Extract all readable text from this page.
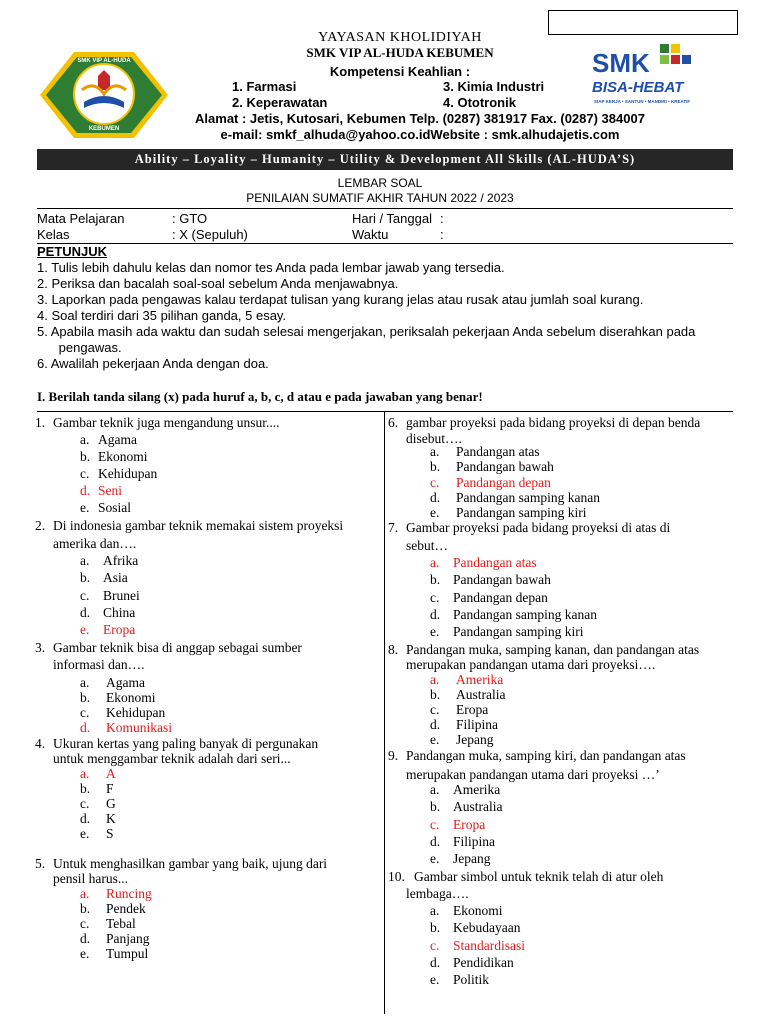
SMK VIP AL-HUDA
KEBUMEN
SMK
BISA-HEBAT
SIAP KERJA • SANTUN • MANDIRI • KREATIF
YAYASAN KHOLIDIYAH
SMK VIP AL-HUDA KEBUMEN
Kompetensi Keahlian :
1. Farmasi
2. Keperawatan
3. Kimia Industri
4. Ototronik
Alamat : Jetis, Kutosari, Kebumen Telp. (0287) 381917 Fax. (0287) 384007
e-mail: smkf_alhuda@yahoo.co.idWebsite : smk.alhudajetis.com
Ability – Loyality – Humanity – Utility & Development All Skills (AL-HUDA’S)
LEMBAR SOAL
PENILAIAN SUMATIF AKHIR TAHUN 2022 / 2023
Mata Pelajaran	: GTO
Kelas	: X (Sepuluh)
Hari / Tanggal :
Waktu	:
PETUNJUK
1. Tulis lebih dahulu kelas dan nomor tes Anda pada lembar jawab yang tersedia.
2. Periksa dan bacalah soal-soal sebelum Anda menjawabnya.
3. Laporkan pada pengawas kalau terdapat tulisan yang kurang jelas atau rusak atau jumlah soal kurang.
4. Soal terdiri dari 35 pilihan ganda, 5 esay.
5. Apabila masih ada waktu dan sudah selesai mengerjakan, periksalah pekerjaan Anda sebelum diserahkan pada
pengawas.
6. Awalilah pekerjaan Anda dengan doa.
I. Berilah tanda silang (x) pada huruf a, b, c, d atau e pada jawaban yang benar!
1. Gambar teknik juga mengandung unsur....
a. Agama
b. Ekonomi
c. Kehidupan
d. Seni
e. Sosial
2. Di indonesia gambar teknik memakai sistem proyeksi
amerika dan….
a. Afrika
b. Asia
c. Brunei
d. China
e. Eropa
3. Gambar teknik bisa di anggap sebagai sumber
informasi dan….
a. Agama
b. Ekonomi
c. Kehidupan
d. Komunikasi
4. Ukuran kertas yang paling banyak di pergunakan
untuk menggambar teknik adalah dari seri...
a. A
b. F
c. G
d. K
e. S
5. Untuk menghasilkan gambar yang baik, ujung dari
pensil harus...
a. Runcing
b. Pendek
c. Tebal
d. Panjang
e. Tumpul
6. gambar proyeksi pada bidang proyeksi di depan benda
disebut….
a. Pandangan atas
b. Pandangan bawah
c. Pandangan depan
d. Pandangan samping kanan
e. Pandangan samping kiri
7. Gambar proyeksi pada bidang proyeksi di atas di
sebut…
a. Pandangan atas
b. Pandangan bawah
c. Pandangan depan
d. Pandangan samping kanan
e. Pandangan samping kiri
8. Pandangan muka, samping kanan, dan pandangan atas
merupakan pandangan utama dari proyeksi….
a. Amerika
b. Australia
c. Eropa
d. Filipina
e. Jepang
9. Pandangan muka, samping kiri, dan pandangan atas
merupakan pandangan utama dari proyeksi …’
a. Amerika
b. Australia
c. Eropa
d. Filipina
e. Jepang
10. Gambar simbol untuk teknik telah di atur oleh
lembaga….
a. Ekonomi
b. Kebudayaan
c. Standardisasi
d. Pendidikan
e. Politik
